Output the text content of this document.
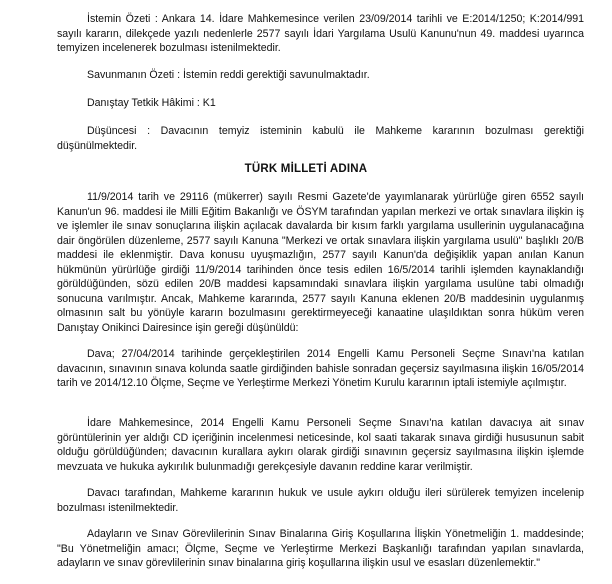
İstemin Özeti : Ankara 14. İdare Mahkemesince verilen 23/09/2014 tarihli ve E:2014/1250; K:2014/991 sayılı kararın, dilekçede yazılı nedenlerle 2577 sayılı İdari Yargılama Usulü Kanunu'nun 49. maddesi uyarınca temyizen incelenerek bozulması istenilmektedir.

Savunmanın Özeti : İstemin reddi gerektiği savunulmaktadır.

Danıştay Tetkik Hâkimi : K1

Düşüncesi : Davacının temyiz isteminin kabulü ile Mahkeme kararının bozulması gerektiği düşünülmektedir.

TÜRK MİLLETİ ADINA

11/9/2014 tarih ve 29116 (mükerrer) sayılı Resmi Gazete'de yayımlanarak yürürlüğe giren 6552 sayılı Kanun'un 96. maddesi ile Milli Eğitim Bakanlığı ve ÖSYM tarafından yapılan merkezi ve ortak sınavlara ilişkin iş ve işlemler ile sınav sonuçlarına ilişkin açılacak davalarda bir kısım farklı yargılama usullerinin uygulanacağına dair öngörülen düzenleme, 2577 sayılı Kanuna "Merkezi ve ortak sınavlara ilişkin yargılama usulü" başlıklı 20/B maddesi ile eklenmiştir. Dava konusu uyuşmazlığın, 2577 sayılı Kanun'da değişiklik yapan anılan Kanun hükmünün yürürlüğe girdiği 11/9/2014 tarihinden önce tesis edilen 16/5/2014 tarihli işlemden kaynaklandığı görüldüğünden, sözü edilen 20/B maddesi kapsamındaki sınavlara ilişkin yargılama usulüne tabi olmadığı sonucuna varılmıştır. Ancak, Mahkeme kararında, 2577 sayılı Kanuna eklenen 20/B maddesinin uygulanmış olmasının salt bu yönüyle kararın bozulmasını gerektirmeyeceği kanaatine ulaşıldıktan sonra hüküm veren Danıştay Onikinci Dairesince işin gereği düşünüldü:

Dava; 27/04/2014 tarihinde gerçekleştirilen 2014 Engelli Kamu Personeli Seçme Sınavı'na katılan davacının, sınavının sınava kolunda saatle girdiğinden bahisle sonradan geçersiz sayılmasına ilişkin 16/05/2014 tarih ve 2014/12.10 Ölçme, Seçme ve Yerleştirme Merkezi Yönetim Kurulu kararının iptali istemiyle açılmıştır.

İdare Mahkemesince, 2014 Engelli Kamu Personeli Seçme Sınavı'na katılan davacıya ait sınav görüntülerinin yer aldığı CD içeriğinin incelenmesi neticesinde, kol saati takarak sınava girdiği hususunun sabit olduğu görüldüğünden; davacının kurallara aykırı olarak girdiği sınavının geçersiz sayılmasına ilişkin işlemde mevzuata ve hukuka aykırılık bulunmadığı gerekçesiyle davanın reddine karar verilmiştir.

Davacı tarafından, Mahkeme kararının hukuk ve usule aykırı olduğu ileri sürülerek temyizen incelenip bozulması istenilmektedir.

Adayların ve Sınav Görevlilerinin Sınav Binalarına Giriş Koşullarına İlişkin Yönetmeliğin 1. maddesinde; "Bu Yönetmeliğin amacı; Ölçme, Seçme ve Yerleştirme Merkezi Başkanlığı tarafından yapılan sınavlarda, adayların ve sınav görevlilerinin sınav binalarına giriş koşullarına ilişkin usul ve esasları düzenlemektir."
